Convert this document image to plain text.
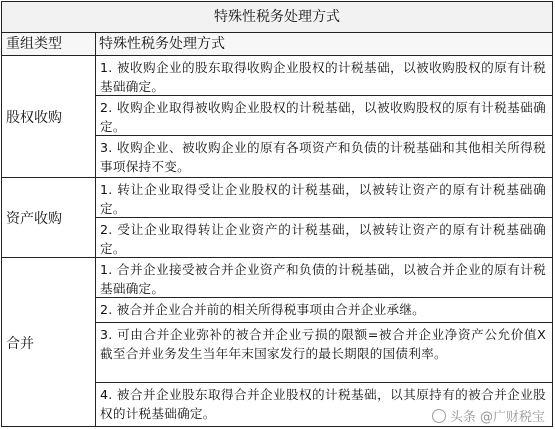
特殊性税务处理方式
重组类型	特殊性税务处理方式
股权收购
1. 被收购企业的股东取得收购企业股权的计税基础，以被收购股权的原有计税基础确定。
2. 收购企业取得被收购企业股权的计税基础，以被收购股权的原有计税基础确定。
3. 收购企业、被收购企业的原有各项资产和负债的计税基础和其他相关所得税事项保持不变。
资产收购
1. 转让企业取得受让企业股权的计税基础，以被转让资产的原有计税基础确定。
2. 受让企业取得转让企业资产的计税基础，以被转让资产的原有计税基础确定。
合并
1. 合并企业接受被合并企业资产和负债的计税基础，以被合并企业的原有计税基础确定。
2. 被合并企业合并前的相关所得税事项由合并企业承继。
3. 可由合并企业弥补的被合并企业亏损的限额=被合并企业净资产公允价值X截至合并业务发生当年年末国家发行的最长期限的国债利率。
4. 被合并企业股东取得合并企业股权的计税基础，以其原持有的被合并企业股权的计税基础确定。	头条 @广财税宝
